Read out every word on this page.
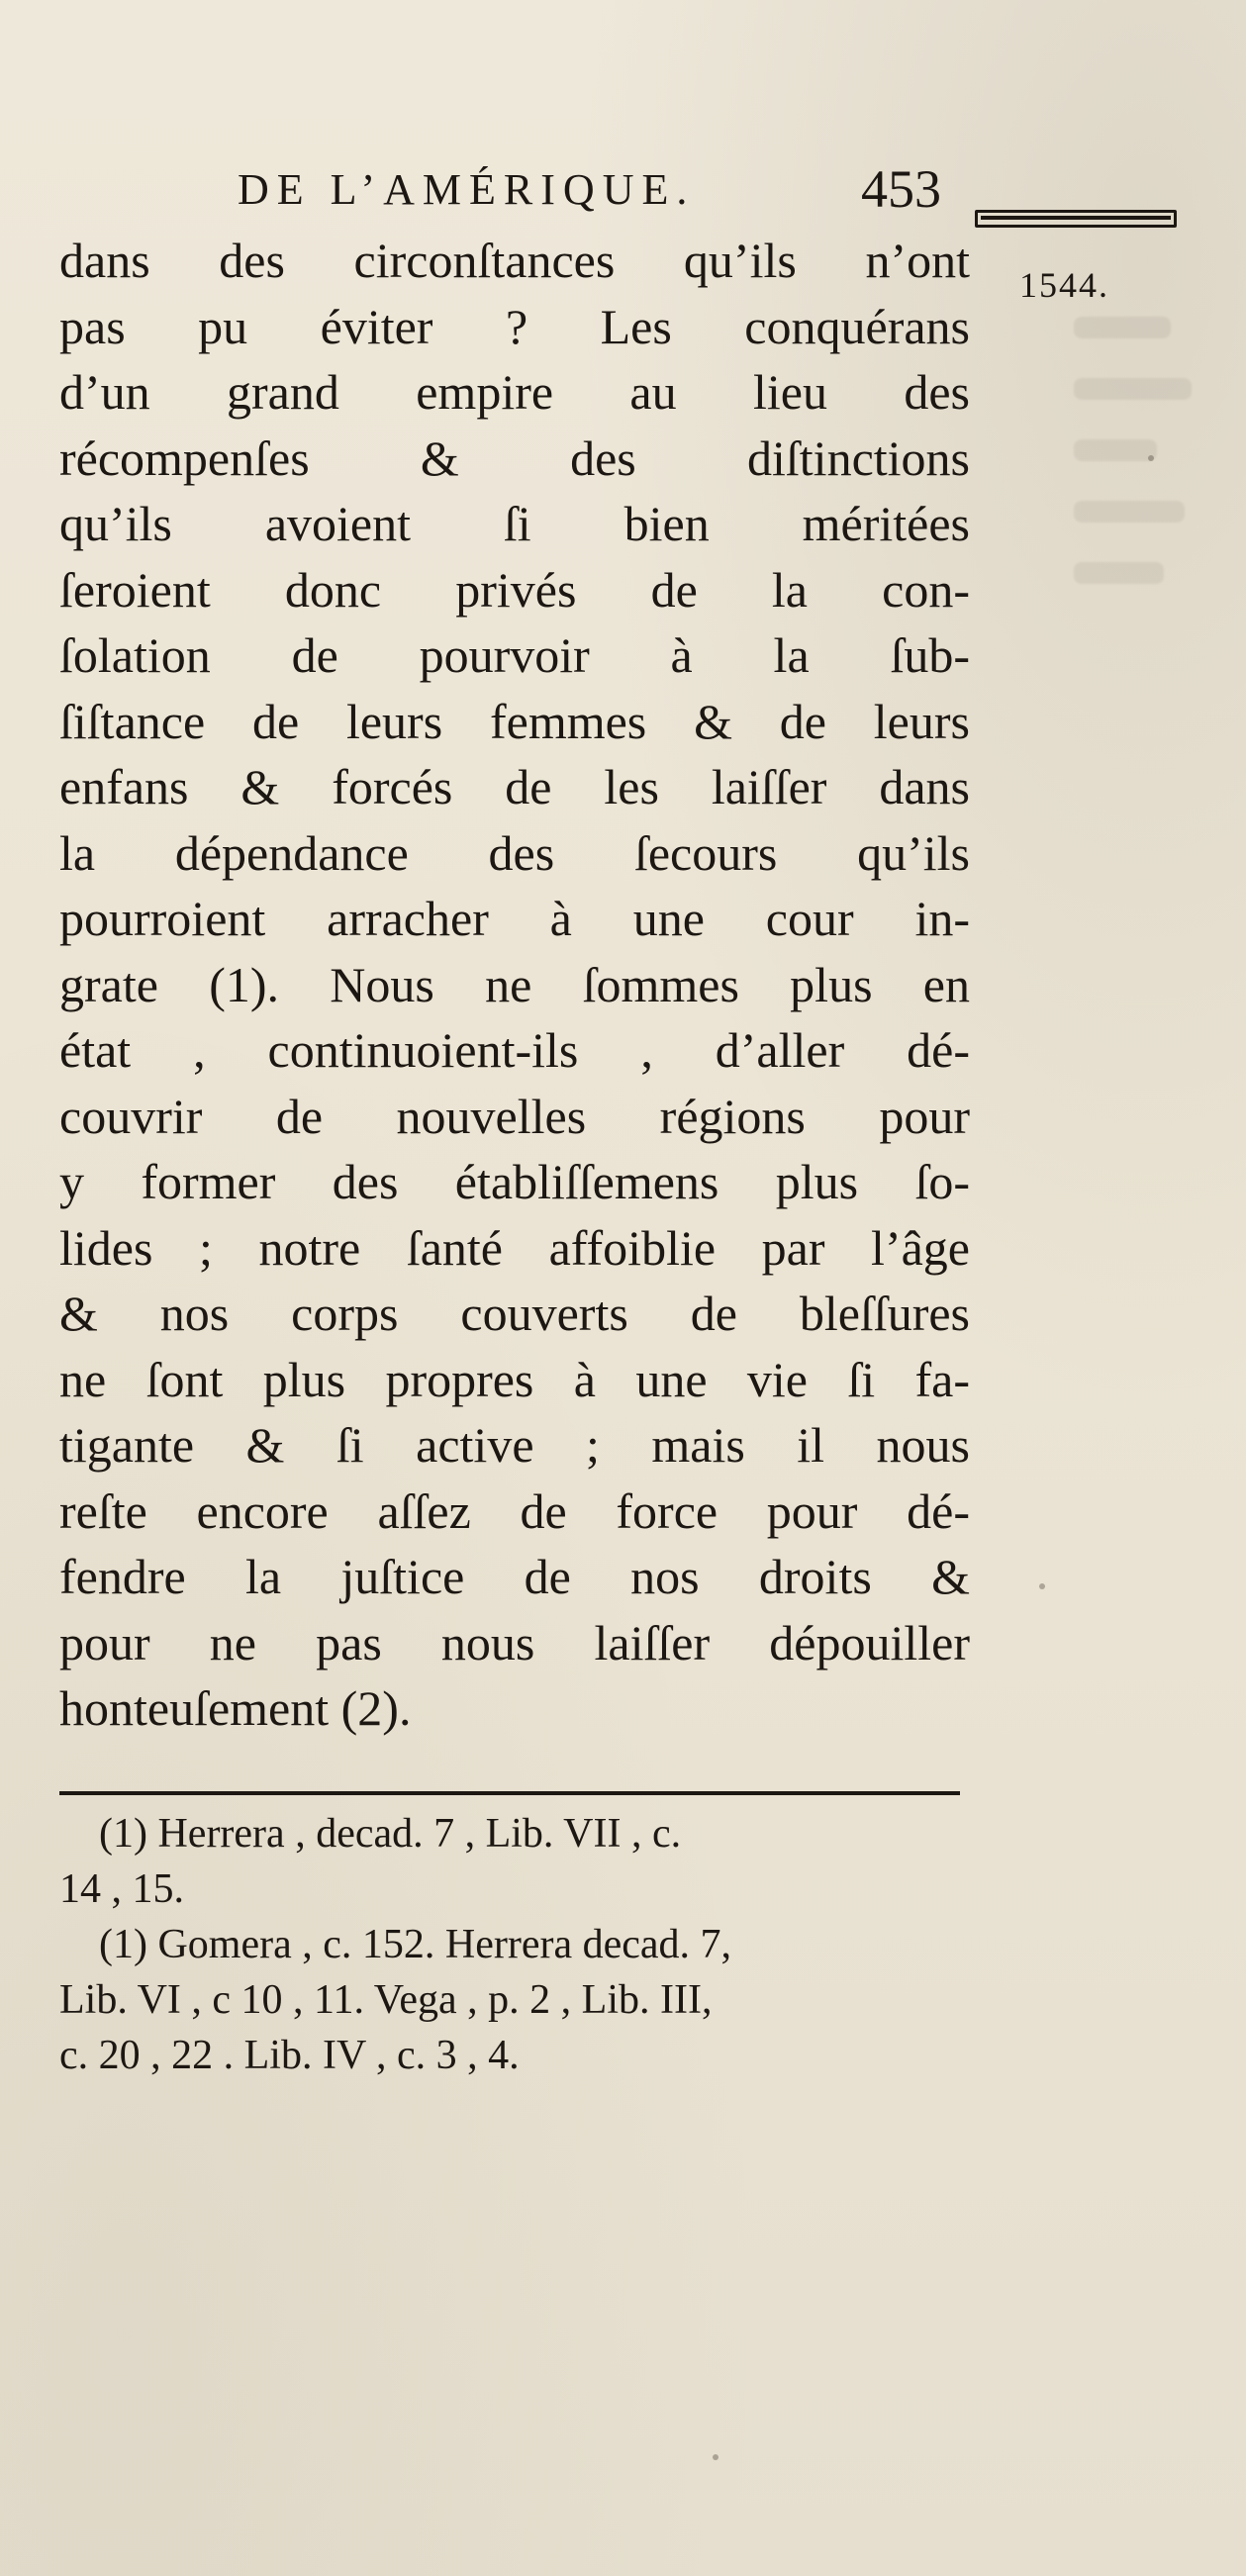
DE L’AMÉRIQUE.	453
1544.
dans des circonſtances qu’ils n’ont
pas pu éviter ? Les conquérans
d’un grand empire au lieu des
récompenſes & des diſtinctions
qu’ils avoient ſi bien méritées
ſeroient donc privés de la con-
ſolation de pourvoir à la ſub-
ſiſtance de leurs femmes & de leurs
enfans & forcés de les laiſſer dans
la dépendance des ſecours qu’ils
pourroient arracher à une cour in-
grate (1). Nous ne ſommes plus en
état , continuoient-ils , d’aller dé-
couvrir de nouvelles régions pour
y former des établiſſemens plus ſo-
lides ; notre ſanté affoiblie par l’âge
& nos corps couverts de bleſſures
ne ſont plus propres à une vie ſi fa-
tigante & ſi active ; mais il nous
reſte encore aſſez de force pour dé-
fendre la juſtice de nos droits &
pour ne pas nous laiſſer dépouiller
honteuſement (2).
(1) Herrera , decad. 7 , Lib. VII , c.
14 , 15.
(1) Gomera , c. 152. Herrera decad. 7,
Lib. VI , c 10 , 11. Vega , p. 2 , Lib. III,
c. 20 , 22 . Lib. IV , c. 3 , 4.
